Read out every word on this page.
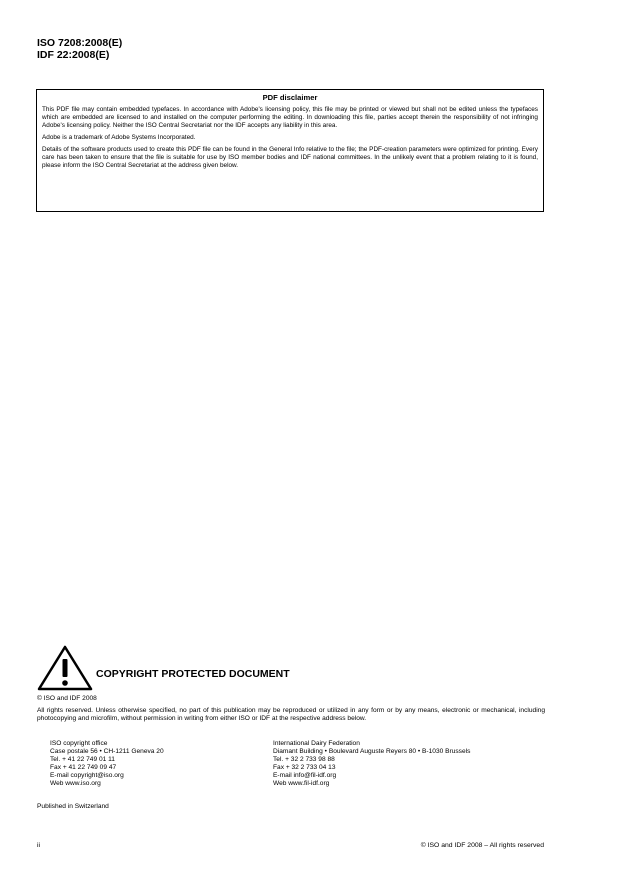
ISO 7208:2008(E)
IDF 22:2008(E)
PDF disclaimer

This PDF file may contain embedded typefaces. In accordance with Adobe's licensing policy, this file may be printed or viewed but shall not be edited unless the typefaces which are embedded are licensed to and installed on the computer performing the editing. In downloading this file, parties accept therein the responsibility of not infringing Adobe's licensing policy. Neither the ISO Central Secretariat nor the IDF accepts any liability in this area.

Adobe is a trademark of Adobe Systems Incorporated.

Details of the software products used to create this PDF file can be found in the General Info relative to the file; the PDF-creation parameters were optimized for printing. Every care has been taken to ensure that the file is suitable for use by ISO member bodies and IDF national committees. In the unlikely event that a problem relating to it is found, please inform the ISO Central Secretariat at the address given below.

COPYRIGHT PROTECTED DOCUMENT
© ISO and IDF 2008
All rights reserved. Unless otherwise specified, no part of this publication may be reproduced or utilized in any form or by any means, electronic or mechanical, including photocopying and microfilm, without permission in writing from either ISO or IDF at the respective address below.
ISO copyright office
Case postale 56 • CH-1211 Geneva 20
Tel. + 41 22 749 01 11
Fax + 41 22 749 09 47
E-mail copyright@iso.org
Web www.iso.org
International Dairy Federation
Diamant Building • Boulevard Auguste Reyers 80 • B-1030 Brussels
Tel. + 32 2 733 98 88
Fax + 32 2 733 04 13
E-mail info@fil-idf.org
Web www.fil-idf.org
Published in Switzerland
ii	© ISO and IDF 2008 – All rights reserved
